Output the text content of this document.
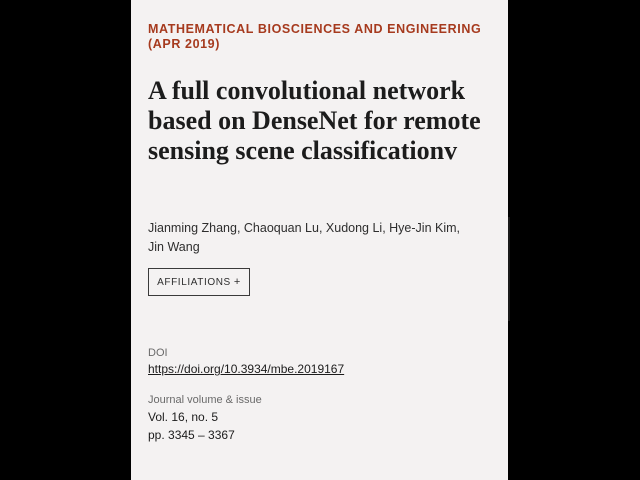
MATHEMATICAL BIOSCIENCES AND ENGINEERING (APR 2019)
A full convolutional network based on DenseNet for remote sensing scene classificationv
Jianming Zhang, Chaoquan Lu, Xudong Li, Hye-Jin Kim, Jin Wang
AFFILIATIONS +
DOI
https://doi.org/10.3934/mbe.2019167
Journal volume & issue
Vol. 16, no. 5
pp. 3345 – 3367
